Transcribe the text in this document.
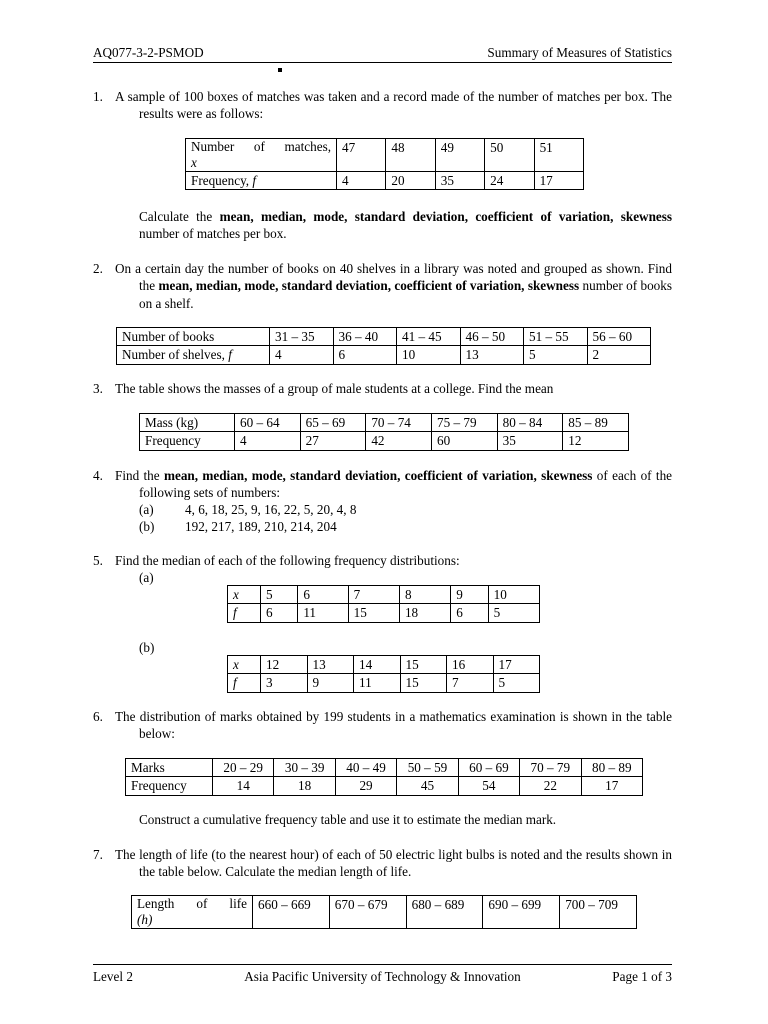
AQ077-3-2-PSMOD	Summary of Measures of Statistics
1. A sample of 100 boxes of matches was taken and a record made of the number of matches per box. The results were as follows:
Number of matches,
x	47	48	49	50	51
Frequency, f	4	20	35	24	17
Calculate the mean, median, mode, standard deviation, coefficient of variation, skewness number of matches per box.
2. On a certain day the number of books on 40 shelves in a library was noted and grouped as shown. Find the mean, median, mode, standard deviation, coefficient of variation, skewness number of books on a shelf.
Number of books	31 – 35	36 – 40	41 – 45	46 – 50	51 – 55	56 – 60
Number of shelves, f	4	6	10	13	5	2
3. The table shows the masses of a group of male students at a college. Find the mean
Mass (kg)	60 – 64	65 – 69	70 – 74	75 – 79	80 – 84	85 – 89
Frequency	4	27	42	60	35	12
4. Find the mean, median, mode, standard deviation, coefficient of variation, skewness of each of the following sets of numbers:
(a) 4, 6, 18, 25, 9, 16, 22, 5, 20, 4, 8
(b) 192, 217, 189, 210, 214, 204
5. Find the median of each of the following frequency distributions:
(a)
x	5	6	7	8	9	10
f	6	11	15	18	6	5
(b)
x	12	13	14	15	16	17
f	3	9	11	15	7	5
6. The distribution of marks obtained by 199 students in a mathematics examination is shown in the table below:
Marks	20 – 29	30 – 39	40 – 49	50 – 59	60 – 69	70 – 79	80 – 89
Frequency	14	18	29	45	54	22	17
Construct a cumulative frequency table and use it to estimate the median mark.
7. The length of life (to the nearest hour) of each of 50 electric light bulbs is noted and the results shown in the table below. Calculate the median length of life.
Length of life
(h)	660 – 669	670 – 679	680 – 689	690 – 699	700 – 709
Level 2	Asia Pacific University of Technology & Innovation	Page 1 of 3
